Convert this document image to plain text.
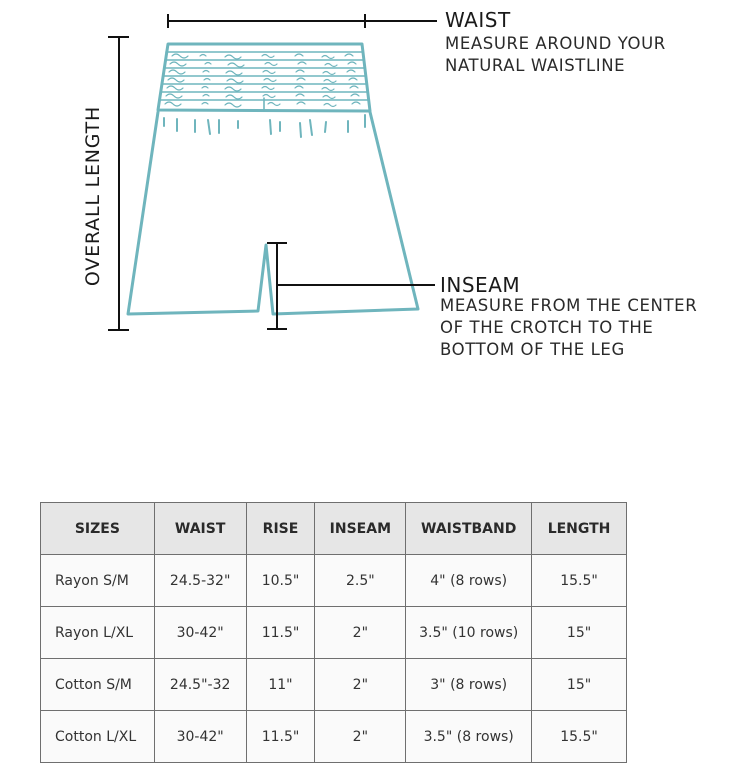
WAIST
MEASURE AROUND YOUR
NATURAL WAISTLINE
INSEAM
MEASURE FROM THE CENTER
OF THE CROTCH TO THE
BOTTOM OF THE LEG
OVERALL LENGTH
SIZES	WAIST	RISE	INSEAM	WAISTBAND	LENGTH
Rayon S/M	24.5-32"	10.5"	2.5"	4" (8 rows)	15.5"
Rayon L/XL	30-42"	11.5"	2"	3.5" (10 rows)	15"
Cotton S/M	24.5"-32	11"	2"	3" (8 rows)	15"
Cotton L/XL	30-42"	11.5"	2"	3.5" (8 rows)	15.5"
